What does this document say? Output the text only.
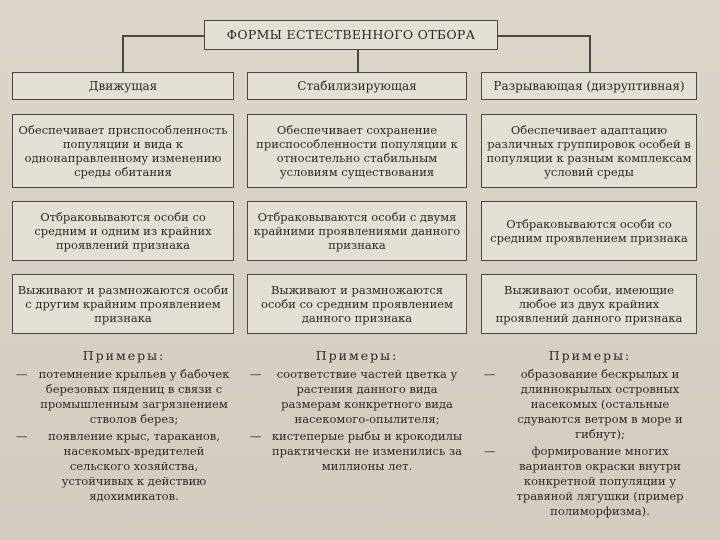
ФОРМЫ ЕСТЕСТВЕННОГО ОТБОРА
Движущая
Обеспечивает приспособленность популяции и вида к однонаправленному изменению среды обитания
Отбраковываются особи со средним и одним из крайних проявлений признака
Выживают и размножаются особи с другим крайним проявлением признака
Стабилизирующая
Обеспечивает сохранение приспособленности популяции к относительно стабильным условиям существования
Отбраковываются особи с двумя крайними проявлениями данного признака
Выживают и размножаются особи со средним проявлением данного признака
Разрывающая (дизруптивная)
Обеспечивает адаптацию различных группировок особей в популяции к разным комплексам условий среды
Отбраковываются особи со средним проявлением признака
Выживают особи, имеющие любое из двух крайних проявлений данного признака
Примеры:
— потемнение крыльев у бабочек березовых пядениц в связи с промышленным загрязнением стволов берез;
—	появление крыс, тараканов, насекомых-вредителей сельского хозяйства, устойчивых к действию ядохимикатов.
Примеры:
—	соответствие частей цветка у растения данного вида размерам конкретного вида насекомого-опылителя;
— кистеперые рыбы и крокодилы практически не изменились за миллионы лет.
Примеры:
—	образование бескрылых и длиннокрылых островных насекомых (остальные сдуваются ветром в море и гибнут);
—	формирование многих вариантов окраски внутри конкретной популяции у травяной лягушки (пример полиморфизма).
